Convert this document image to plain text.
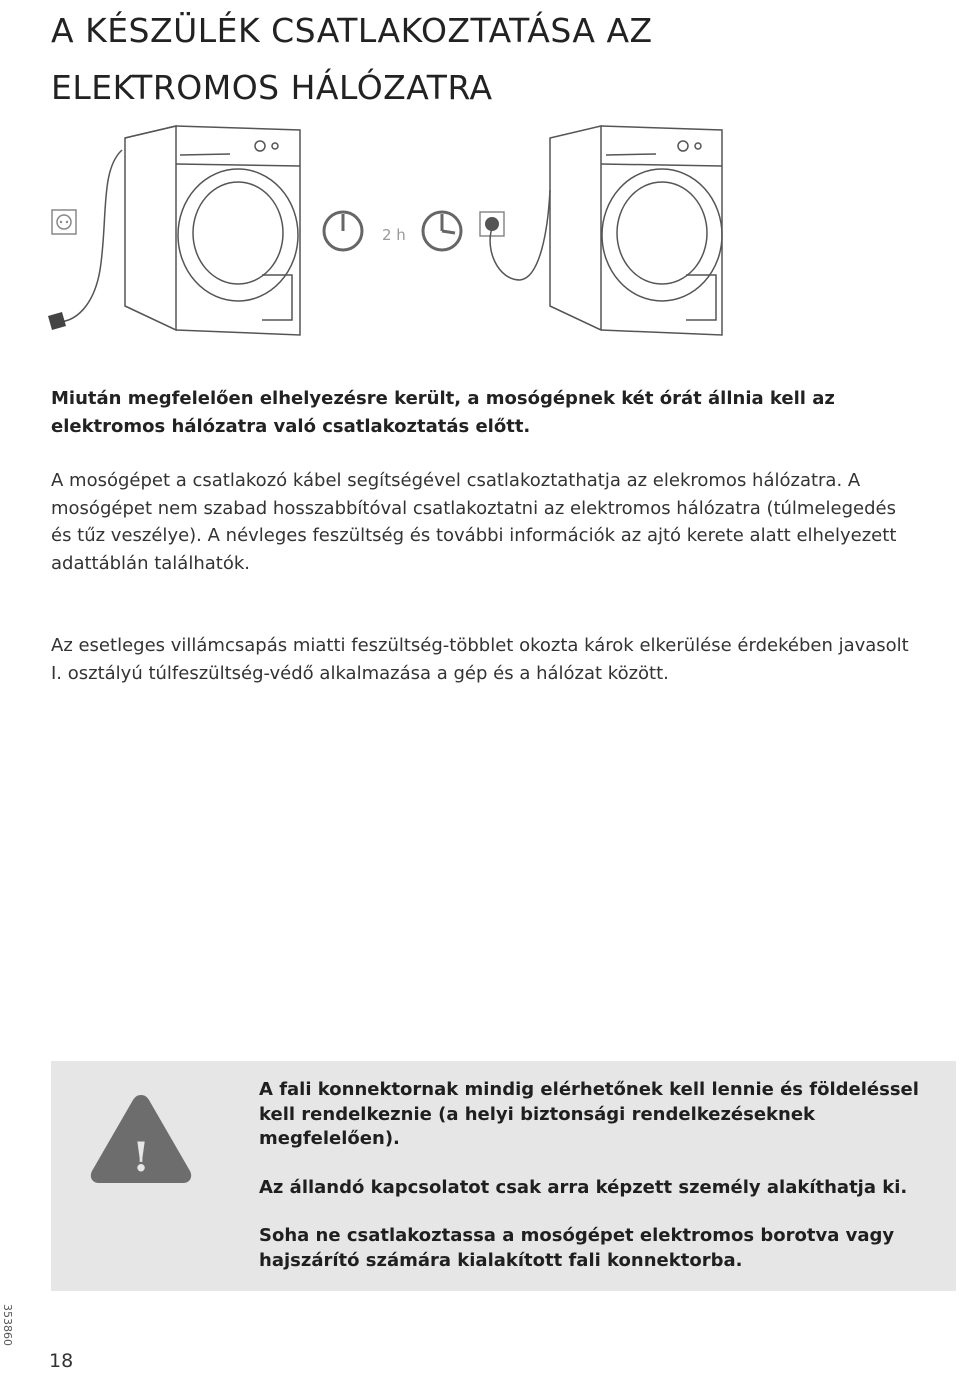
A KÉSZÜLÉK CSATLAKOZTATÁSA AZ
ELEKTROMOS HÁLÓZATRA
2 h

Miután megfelelően elhelyezésre került, a mosógépnek két órát állnia kell az elektromos hálózatra való csatlakoztatás előtt.

A mosógépet a csatlakozó kábel segítségével csatlakoztathatja az elekromos hálózatra. A mosógépet nem szabad hosszabbítóval csatlakoztatni az elektromos hálózatra (túlmelegedés és tűz veszélye). A névleges feszültség és további információk az ajtó kerete alatt elhelyezett adattáblán találhatók.

Az esetleges villámcsapás miatti feszültség-többlet okozta károk elkerülése érdekében javasolt I. osztályú túlfeszültség-védő alkalmazása a gép és a hálózat között.

!

A fali konnektornak mindig elérhetőnek kell lennie és földeléssel kell rendelkeznie (a helyi biztonsági rendelkezéseknek megfelelően).

Az állandó kapcsolatot csak arra képzett személy alakíthatja ki.

Soha ne csatlakoztassa a mosógépet elektromos borotva vagy hajszárító számára kialakított fali konnektorba.

353860
18
